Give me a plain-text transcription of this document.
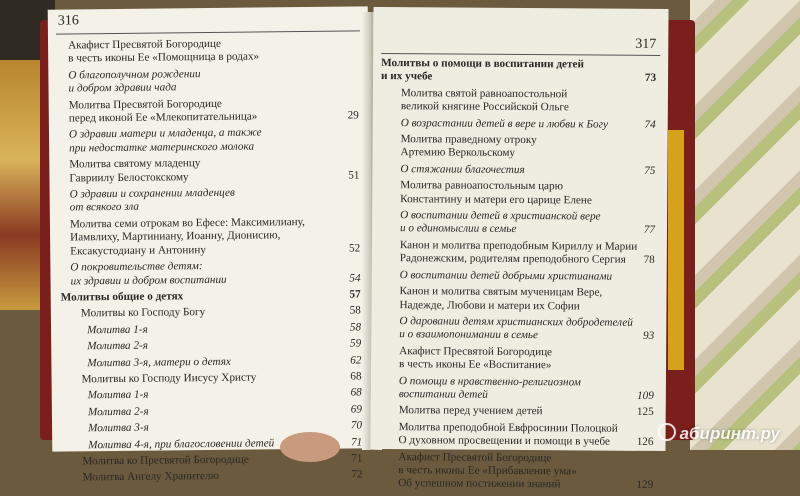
316
Акафист Пресвятой Богородице
в честь иконы Ее «Помощница в родах»
О благополучном рождении
и добром здравии чада
Молитва Пресвятой Богородице
перед иконой Ее «Млекопитательница»	29
О здравии матери и младенца, а также
при недостатке материнского молока
Молитва святому младенцу
Гавриилу Белостокскому	51
О здравии и сохранении младенцев
от всякого зла
Молитва семи отрокам во Ефесе: Максимилиану,
Иамвлиху, Мартиниану, Иоанну, Дионисию,
Ексакустодиану и Антонину	52
О покровительстве детям:
их здравии и добром воспитании	54
Молитвы общие о детях	57
Молитвы ко Господу Богу	58
Молитва 1-я	58
Молитва 2-я	59
Молитва 3-я, матери о детях	62
Молитвы ко Господу Иисусу Христу	68
Молитва 1-я	68
Молитва 2-я	69
Молитва 3-я	70
Молитва 4-я, при благословении детей	71
Молитва ко Пресвятой Богородице	71
Молитва Ангелу Хранителю	72
317
Молитвы о помощи в воспитании детей
и их учебе	73
Молитва святой равноапостольной
великой княгине Российской Ольге
О возрастании детей в вере и любви к Богу	74
Молитва праведному отроку
Артемию Веркольскому
О стяжании благочестия	75
Молитва равноапостольным царю
Константину и матери его царице Елене
О воспитании детей в христианской вере
и о единомыслии в семье	77
Канон и молитва преподобным Кириллу и Марии
Радонежским, родителям преподобного Сергия	78
О воспитании детей добрыми христианами
Канон и молитва святым мученицам Вере,
Надежде, Любови и матери их Софии
О даровании детям христианских добродетелей
и о взаимопонимании в семье	93
Акафист Пресвятой Богородице
в честь иконы Ее «Воспитание»
О помощи в нравственно-религиозном
воспитании детей	109
Молитва перед учением детей	125
Молитва преподобной Евфросинии Полоцкой
О духовном просвещении и помощи в учебе	126
Акафист Пресвятой Богородице
в честь иконы Ее «Прибавление ума»
Об успешном постижении знаний	129
абиринт.ру
